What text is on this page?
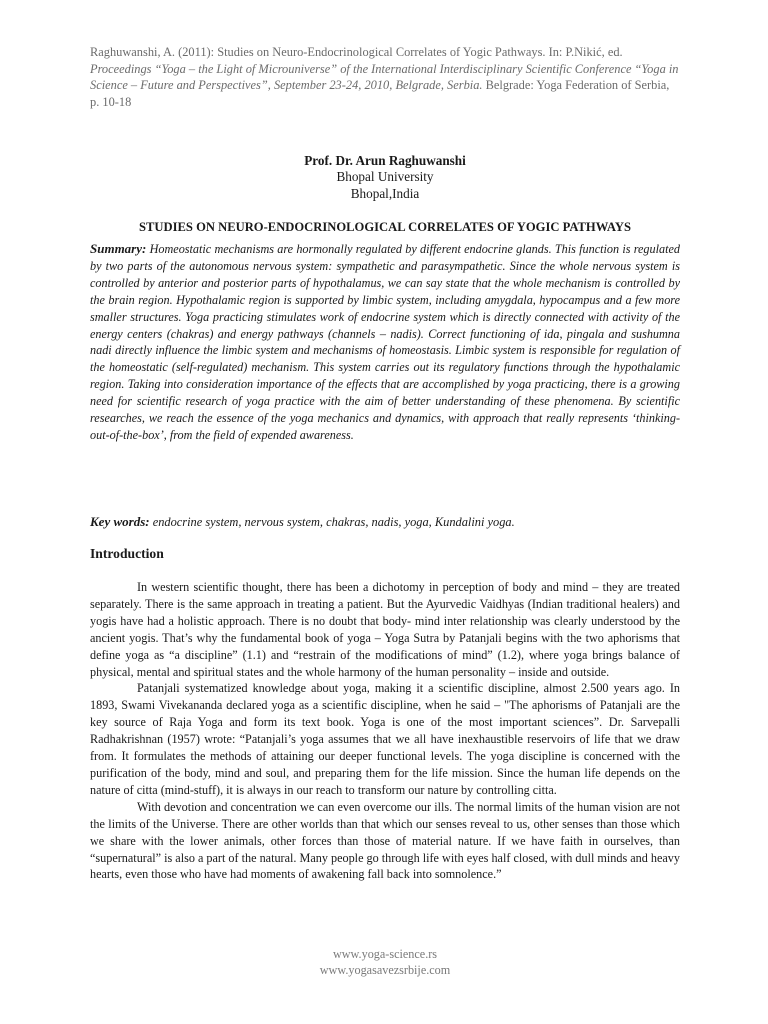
Raghuwanshi, A. (2011): Studies on Neuro-Endocrinological Correlates of Yogic Pathways. In: P.Nikić, ed. Proceedings “Yoga – the Light of Microuniverse” of the International Interdisciplinary Scientific Conference “Yoga in Science – Future and Perspectives”, September 23-24, 2010, Belgrade, Serbia. Belgrade: Yoga Federation of Serbia, p. 10-18
Prof. Dr. Arun Raghuwanshi
Bhopal University
Bhopal,India
STUDIES ON NEURO-ENDOCRINOLOGICAL CORRELATES OF YOGIC PATHWAYS
Summary: Homeostatic mechanisms are hormonally regulated by different endocrine glands. This function is regulated by two parts of the autonomous nervous system: sympathetic and parasympathetic. Since the whole nervous system is controlled by anterior and posterior parts of hypothalamus, we can say state that the whole mechanism is controlled by the brain region. Hypothalamic region is supported by limbic system, including amygdala, hypocampus and a few more smaller structures. Yoga practicing stimulates work of endocrine system which is directly connected with activity of the energy centers (chakras) and energy pathways (channels – nadis). Correct functioning of ida, pingala and sushumna nadi directly influence the limbic system and mechanisms of homeostasis. Limbic system is responsible for regulation of the homeostatic (self-regulated) mechanism. This system carries out its regulatory functions through the hypothalamic region. Taking into consideration importance of the effects that are accomplished by yoga practicing, there is a growing need for scientific research of yoga practice with the aim of better understanding of these phenomena. By scientific researches, we reach the essence of the yoga mechanics and dynamics, with approach that really represents ‘thinking-out-of-the-box’, from the field of expended awareness.
Key words: endocrine system, nervous system, chakras, nadis, yoga, Kundalini yoga.
Introduction

In western scientific thought, there has been a dichotomy in perception of body and mind – they are treated separately. There is the same approach in treating a patient. But the Ayurvedic Vaidhyas (Indian traditional healers) and yogis have had a holistic approach. There is no doubt that body- mind inter relationship was clearly understood by the ancient yogis. That’s why the fundamental book of yoga – Yoga Sutra by Patanjali begins with the two aphorisms that define yoga as “a discipline” (1.1) and “restrain of the modifications of mind” (1.2), where yoga brings balance of physical, mental and spiritual states and the whole harmony of the human personality – inside and outside.

Patanjali systematized knowledge about yoga, making it a scientific discipline, almost 2.500 years ago. In 1893, Swami Vivekananda declared yoga as a scientific discipline, when he said – "The aphorisms of Patanjali are the key source of Raja Yoga and form its text book. Yoga is one of the most important sciences”. Dr. Sarvepalli Radhakrishnan (1957) wrote: “Patanjali’s yoga assumes that we all have inexhaustible reservoirs of life that we draw from. It formulates the methods of attaining our deeper functional levels. The yoga discipline is concerned with the purification of the body, mind and soul, and preparing them for the life mission. Since the human life depends on the nature of citta (mind-stuff), it is always in our reach to transform our nature by controlling citta.

With devotion and concentration we can even overcome our ills. The normal limits of the human vision are not the limits of the Universe. There are other worlds than that which our senses reveal to us, other senses than those which we share with the lower animals, other forces than those of material nature. If we have faith in ourselves, than “supernatural” is also a part of the natural. Many people go through life with eyes half closed, with dull minds and heavy hearts, even those who have had moments of awakening fall back into somnolence.”

www.yoga-science.rs
www.yogasavezsrbije.com
